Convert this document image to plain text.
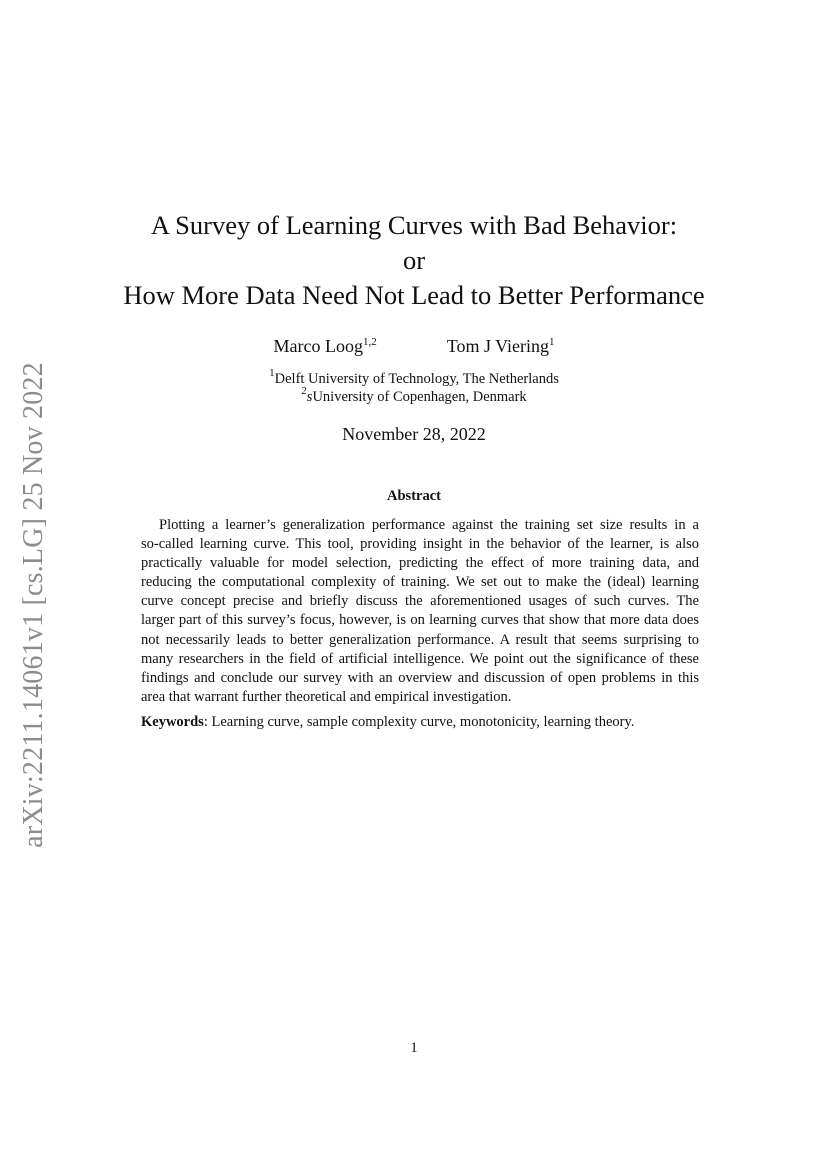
arXiv:2211.14061v1 [cs.LG] 25 Nov 2022
A Survey of Learning Curves with Bad Behavior:
or
How More Data Need Not Lead to Better Performance
Marco Loog$^{1,2}$	Tom J Viering$^1$
$^1$Delft University of Technology, The Netherlands
$^2$sUniversity of Copenhagen, Denmark
November 28, 2022
Abstract
Plotting a learner’s generalization performance against the training set size results in a
so-called learning curve. This tool, providing insight in the behavior of the learner, is also
practically valuable for model selection, predicting the effect of more training data, and
reducing the computational complexity of training. We set out to make the (ideal) learning
curve concept precise and briefly discuss the aforementioned usages of such curves. The
larger part of this survey’s focus, however, is on learning curves that show that more data does
not necessarily leads to better generalization performance. A result that seems surprising to
many researchers in the field of artificial intelligence. We point out the significance of these
findings and conclude our survey with an overview and discussion of open problems in this
area that warrant further theoretical and empirical investigation.
Keywords: Learning curve, sample complexity curve, monotonicity, learning theory.
1
